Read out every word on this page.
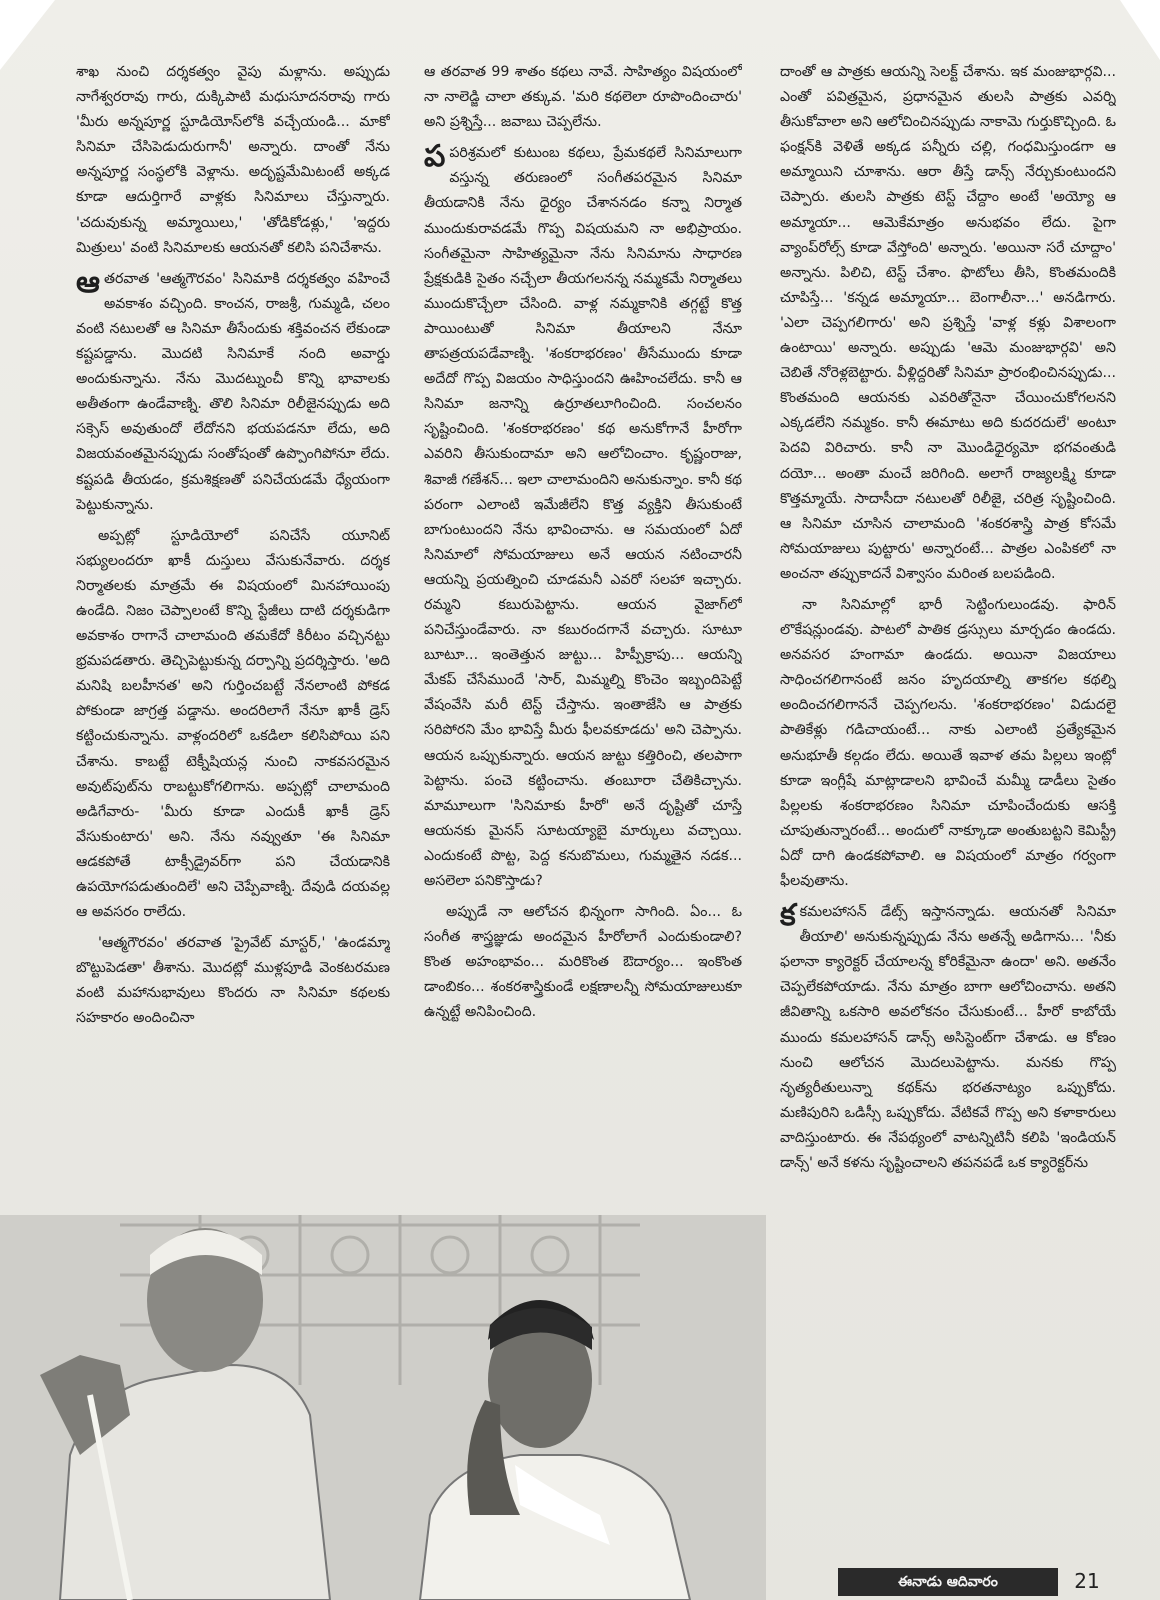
శాఖ నుంచి దర్శకత్వం వైపు మళ్లాను. అప్పుడు నాగేశ్వరరావు గారు, దుక్కిపాటి మధుసూదనరావు గారు 'మీరు అన్నపూర్ణ స్టూడియోస్‌లోకి వచ్చేయండి... మాకో సినిమా చేసిపెడుదురుగానీ' అన్నారు. దాంతో నేను అన్నపూర్ణ సంస్థలోకి వెళ్లాను. అదృష్టమేమిటంటే అక్కడ కూడా ఆదుర్తిగారే వాళ్లకు సినిమాలు చేస్తున్నారు. 'చదువుకున్న అమ్మాయిలు,' 'తోడికోడళ్లు,' 'ఇద్దరు మిత్రులు' వంటి సినిమాలకు ఆయనతో కలిసి పనిచేశాను.

ఆతరవాత 'ఆత్మగౌరవం' సినిమాకి దర్శకత్వం వహించే అవకాశం వచ్చింది. కాంచన, రాజశ్రీ, గుమ్మడి, చలం వంటి నటులతో ఆ సినిమా తీసేందుకు శక్తివంచన లేకుండా కష్టపడ్డాను. మొదటి సినిమాకే నంది అవార్డు అందుకున్నాను. నేను మొదట్నుంచీ కొన్ని భావాలకు అతీతంగా ఉండేవాణ్ని. తొలి సినిమా రిలీజైనప్పుడు అది సక్సెస్ అవుతుందో లేదోనని భయపడనూ లేదు, అది విజయవంతమైనప్పుడు సంతోషంతో ఉప్పొంగిపోనూ లేదు. కష్టపడి తీయడం, క్రమశిక్షణతో పనిచేయడమే ధ్యేయంగా పెట్టుకున్నాను.

అప్పట్లో స్టూడియోలో పనిచేసే యూనిట్ సభ్యులందరూ ఖాకీ దుస్తులు వేసుకునేవారు. దర్శక నిర్మాతలకు మాత్రమే ఈ విషయంలో మినహాయింపు ఉండేది. నిజం చెప్పాలంటే కొన్ని స్టేజీలు దాటి దర్శకుడిగా అవకాశం రాగానే చాలామంది తమకేదో కిరీటం వచ్చినట్టు భ్రమపడతారు. తెచ్చిపెట్టుకున్న దర్పాన్ని ప్రదర్శిస్తారు. 'అది మనిషి బలహీనత' అని గుర్తించబట్టే నేనలాంటి పోకడ పోకుండా జాగ్రత్త పడ్డాను. అందరిలాగే నేనూ ఖాకీ డ్రెస్ కట్టించుకున్నాను. వాళ్లందరిలో ఒకడిలా కలిసిపోయి పని చేశాను. కాబట్టే టెక్నీషియన్ల నుంచి నాకవసరమైన అవుట్‌పుట్‌ను రాబట్టుకోగలిగాను. అప్పట్లో చాలామంది అడిగేవారు- 'మీరు కూడా ఎందుకీ ఖాకీ డ్రెస్ వేసుకుంటారు' అని. నేను నవ్వుతూ 'ఈ సినిమా ఆడకపోతే టాక్సీడ్రైవర్‌గా పని చేయడానికి ఉపయోగపడుతుందిలే' అని చెప్పేవాణ్ని. దేవుడి దయవల్ల ఆ అవసరం రాలేదు.

'ఆత్మగౌరవం' తరవాత 'ప్రైవేట్ మాస్టర్,' 'ఉండమ్మా బొట్టుపెడతా' తీశాను. మొదట్లో ముళ్లపూడి వెంకటరమణ వంటి మహానుభావులు కొందరు నా సినిమా కథలకు సహకారం అందించినా

ఆ తరవాత 99 శాతం కథలు నావే. సాహిత్యం విషయంలో నా నాలెడ్జి చాలా తక్కువ. 'మరి కథలెలా రూపొందించారు' అని ప్రశ్నిస్తే... జవాబు చెప్పలేను.

పపరిశ్రమలో కుటుంబ కథలు, ప్రేమకథలే సినిమాలుగా వస్తున్న తరుణంలో సంగీతపరమైన సినిమా తీయడానికి నేను ధైర్యం చేశాననడం కన్నా నిర్మాత ముందుకురావడమే గొప్ప విషయమని నా అభిప్రాయం. సంగీతమైనా సాహిత్యమైనా నేను సినిమాను సాధారణ ప్రేక్షకుడికి సైతం నచ్చేలా తీయగలనన్న నమ్మకమే నిర్మాతలు ముందుకొచ్చేలా చేసింది. వాళ్ల నమ్మకానికి తగ్గట్టే కొత్త పాయింటుతో సినిమా తీయాలని నేనూ తాపత్రయపడేవాణ్ని. 'శంకరాభరణం' తీసేముందు కూడా అదేదో గొప్ప విజయం సాధిస్తుందని ఊహించలేదు. కానీ ఆ సినిమా జనాన్ని ఉర్రూతలూగించింది. సంచలనం సృష్టించింది. 'శంకరాభరణం' కథ అనుకోగానే హీరోగా ఎవరిని తీసుకుందామా అని ఆలోచించాం. కృష్ణంరాజు, శివాజీ గణేశన్... ఇలా చాలామందిని అనుకున్నాం. కానీ కథ పరంగా ఎలాంటి ఇమేజీలేని కొత్త వ్యక్తిని తీసుకుంటే బాగుంటుందని నేను భావించాను. ఆ సమయంలో ఏదో సినిమాలో సోమయాజులు అనే ఆయన నటించారనీ ఆయన్ని ప్రయత్నించి చూడమనీ ఎవరో సలహా ఇచ్చారు. రమ్మని కబురుపెట్టాను. ఆయన వైజాగ్‌లో పనిచేస్తుండేవారు. నా కబురందగానే వచ్చారు. సూటూ బూటూ... ఇంతెత్తున జుట్టు... హిప్పీక్రాపు... ఆయన్ని మేకప్ చేసేముందే 'సార్, మిమ్మల్ని కొంచెం ఇబ్బందిపెట్టే వేషంవేసి మరీ టెస్ట్ చేస్తాను. ఇంతాజేసి ఆ పాత్రకు సరిపోరని మేం భావిస్తే మీరు ఫీలవకూడదు' అని చెప్పాను. ఆయన ఒప్పుకున్నారు. ఆయన జుట్టు కత్తిరించి, తలపాగా పెట్టాను. పంచె కట్టించాను. తంబూరా చేతికిచ్చాను. మామూలుగా 'సినిమాకు హీరో' అనే దృష్టితో చూస్తే ఆయనకు మైనస్ సూటయ్యాబై మార్కులు వచ్చాయి. ఎందుకంటే పొట్ట, పెద్ద కనుబొమలు, గుమ్మతైన నడక... అసలెలా పనికొస్తాడు?

అప్పుడే నా ఆలోచన భిన్నంగా సాగింది. ఏం... ఓ సంగీత శాస్త్రజ్ఞుడు అందమైన హీరోలాగే ఎందుకుండాలి? కొంత అహంభావం... మరికొంత ఔదార్యం... ఇంకొంత డాంబికం... శంకరశాస్త్రికుండే లక్షణాలన్నీ సోమయాజులుకూ ఉన్నట్టే అనిపించింది.

దాంతో ఆ పాత్రకు ఆయన్ని సెలక్ట్ చేశాను. ఇక మంజుభార్గవి... ఎంతో పవిత్రమైన, ప్రధానమైన తులసి పాత్రకు ఎవర్ని తీసుకోవాలా అని ఆలోచించినప్పుడు నాకామె గుర్తుకొచ్చింది. ఓ ఫంక్షన్‌కి వెళితే అక్కడ పన్నీరు చల్లి, గంధమిస్తుండగా ఆ అమ్మాయిని చూశాను. ఆరా తీస్తే డాన్స్ నేర్చుకుంటుందని చెప్పారు. తులసి పాత్రకు టెస్ట్ చేద్దాం అంటే 'అయ్యో ఆ అమ్మాయా... ఆమెకేమాత్రం అనుభవం లేదు. పైగా వ్యాంప్‌రోల్స్ కూడా వేస్తోంది' అన్నారు. 'అయినా సరే చూద్దాం' అన్నాను. పిలిచి, టెస్ట్ చేశాం. ఫొటోలు తీసి, కొంతమందికి చూపిస్తే... 'కన్నడ అమ్మాయా... బెంగాలీనా...' అనడిగారు. 'ఎలా చెప్పగలిగారు' అని ప్రశ్నిస్తే 'వాళ్ల కళ్లు విశాలంగా ఉంటాయి' అన్నారు. అప్పుడు 'ఆమె మంజుభార్గవి' అని చెబితే నోరెళ్లబెట్టారు. వీళ్లిద్దరితో సినిమా ప్రారంభించినప్పుడు... కొంతమంది ఆయనకు ఎవరితోనైనా చేయించుకోగలనని ఎక్కడలేని నమ్మకం. కానీ ఈమాటు అది కుదరదులే' అంటూ పెదవి విరిచారు. కానీ నా మొండిధైర్యమో భగవంతుడి దయో... అంతా మంచే జరిగింది. అలాగే రాజ్యలక్ష్మి కూడా కొత్తమ్మాయే. సాదాసీదా నటులతో రిలీజై, చరిత్ర సృష్టించింది. ఆ సినిమా చూసిన చాలామంది 'శంకరశాస్త్రి పాత్ర కోసమే సోమయాజులు పుట్టారు' అన్నారంటే... పాత్రల ఎంపికలో నా అంచనా తప్పుకాదనే విశ్వాసం మరింత బలపడింది.

నా సినిమాల్లో భారీ సెట్టింగులుండవు. ఫారిన్ లొకేషన్లుండవు. పాటలో పాతిక డ్రస్సులు మార్చడం ఉండదు. అనవసర హంగామా ఉండదు. అయినా విజయాలు సాధించగలిగానంటే జనం హృదయాల్ని తాకగల కథల్ని అందించగలిగాననే చెప్పగలను. 'శంకరాభరణం' విడుదలై పాతికేళ్లు గడిచాయంటే... నాకు ఎలాంటి ప్రత్యేకమైన అనుభూతీ కల్గడం లేదు. అయితే ఇవాళ తమ పిల్లలు ఇంట్లో కూడా ఇంగ్లీషే మాట్లాడాలని భావించే మమ్మీ డాడీలు సైతం పిల్లలకు శంకరాభరణం సినిమా చూపించేందుకు ఆసక్తి చూపుతున్నారంటే... అందులో నాక్కూడా అంతుబట్టని కెమిస్ట్రీ ఏదో దాగి ఉండకపోవాలి. ఆ విషయంలో మాత్రం గర్వంగా ఫీలవుతాను.

కకమలహాసన్ డేట్స్ ఇస్తానన్నాడు. ఆయనతో సినిమా తీయాలి' అనుకున్నప్పుడు నేను అతన్నే అడిగాను... 'నీకు ఫలానా క్యారెక్టర్ చేయాలన్న కోరికేమైనా ఉందా' అని. అతనేం చెప్పలేకపోయాడు. నేను మాత్రం బాగా ఆలోచించాను. అతని జీవితాన్ని ఒకసారి అవలోకనం చేసుకుంటే... హీరో కాబోయే ముందు కమలహాసన్ డాన్స్ అసిస్టెంట్‌గా చేశాడు. ఆ కోణం నుంచి ఆలోచన మొదలుపెట్టాను. మనకు గొప్ప నృత్యరీతులున్నా కథక్‌ను భరతనాట్యం ఒప్పుకోదు. మణిపురిని ఒడిస్సీ ఒప్పుకోదు. వేటికవే గొప్ప అని కళాకారులు వాదిస్తుంటారు. ఈ నేపథ్యంలో వాటన్నిటినీ కలిపి 'ఇండియన్ డాన్స్' అనే కళను సృష్టించాలని తపనపడే ఒక క్యారెక్టర్‌ను

ఈనాడు ఆదివారం	21
